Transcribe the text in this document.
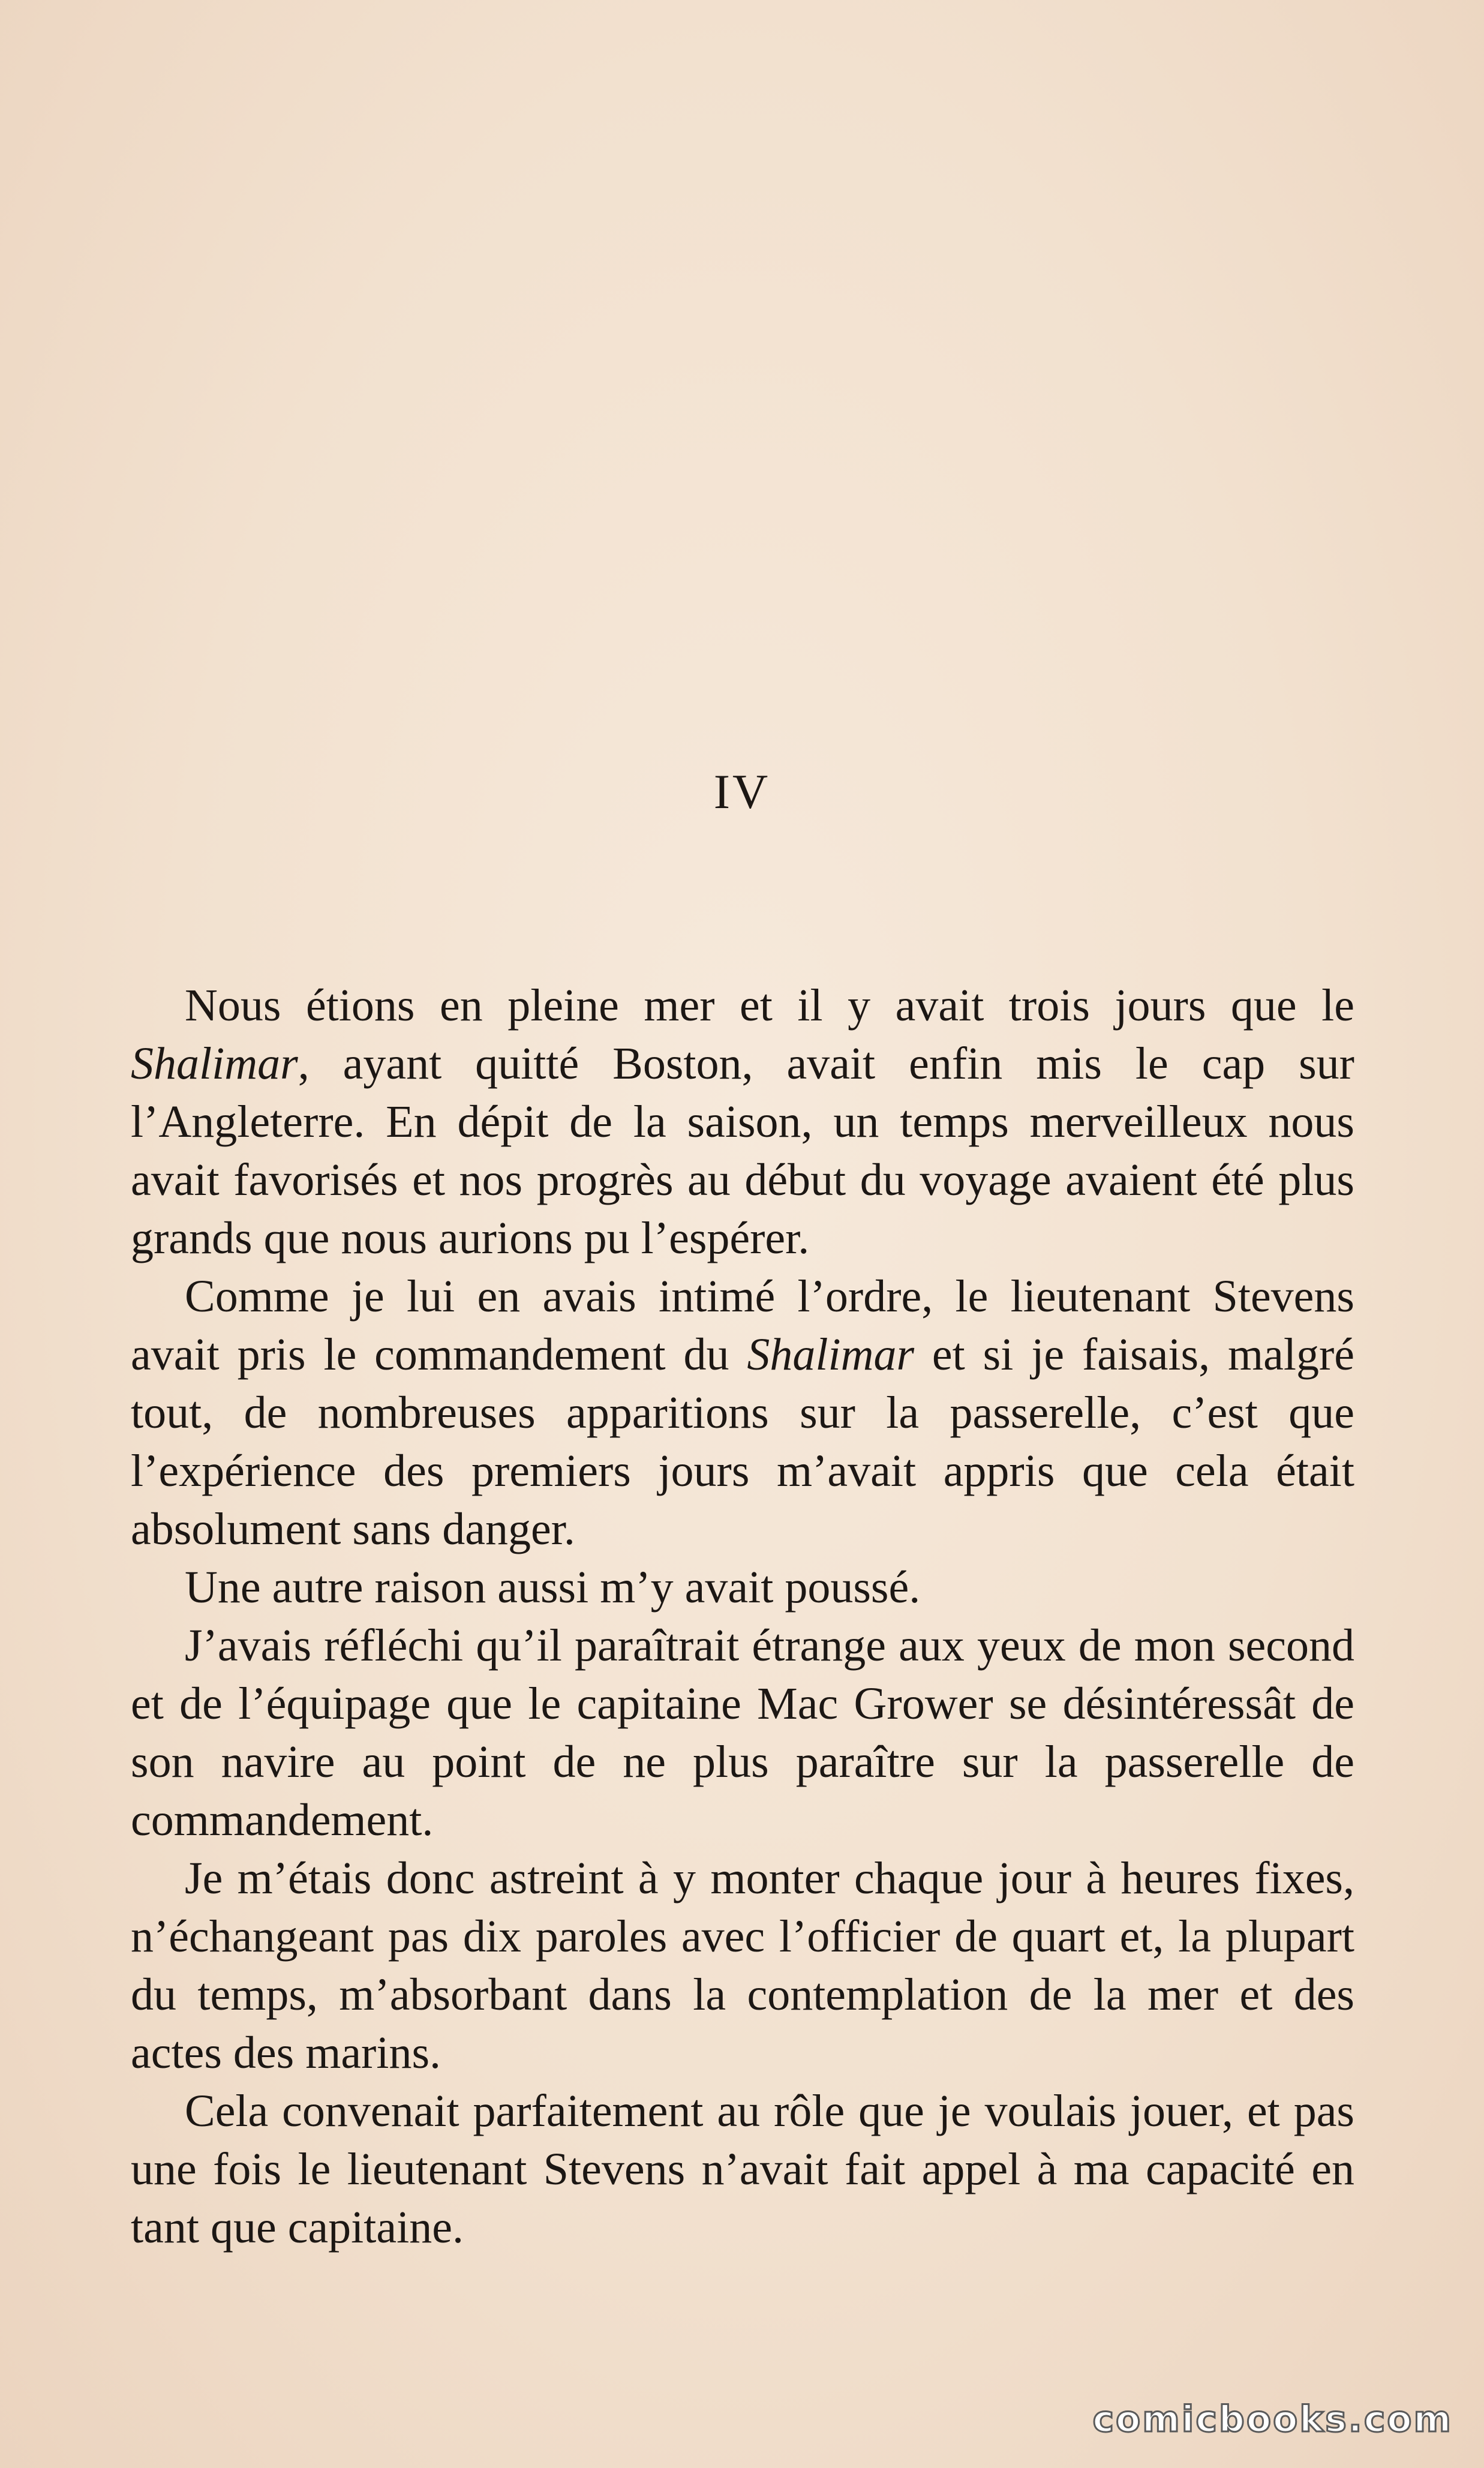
IV

Nous étions en pleine mer et il y avait trois jours que le Shalimar, ayant quitté Boston, avait enfin mis le cap sur l’Angleterre. En dépit de la saison, un temps merveilleux nous avait favorisés et nos progrès au début du voyage avaient été plus grands que nous aurions pu l’espérer.

Comme je lui en avais intimé l’ordre, le lieutenant Stevens avait pris le commandement du Shalimar et si je faisais, malgré tout, de nombreuses apparitions sur la passerelle, c’est que l’expérience des premiers jours m’avait appris que cela était absolument sans danger.

Une autre raison aussi m’y avait poussé.

J’avais réfléchi qu’il paraîtrait étrange aux yeux de mon second et de l’équipage que le capitaine Mac Grower se désintéressât de son navire au point de ne plus paraître sur la passerelle de commandement.

Je m’étais donc astreint à y monter chaque jour à heures fixes, n’échangeant pas dix paroles avec l’officier de quart et, la plupart du temps, m’absorbant dans la contemplation de la mer et des actes des marins.

Cela convenait parfaitement au rôle que je voulais jouer, et pas une fois le lieutenant Stevens n’avait fait appel à ma capacité en tant que capitaine.

comicbooks.com
